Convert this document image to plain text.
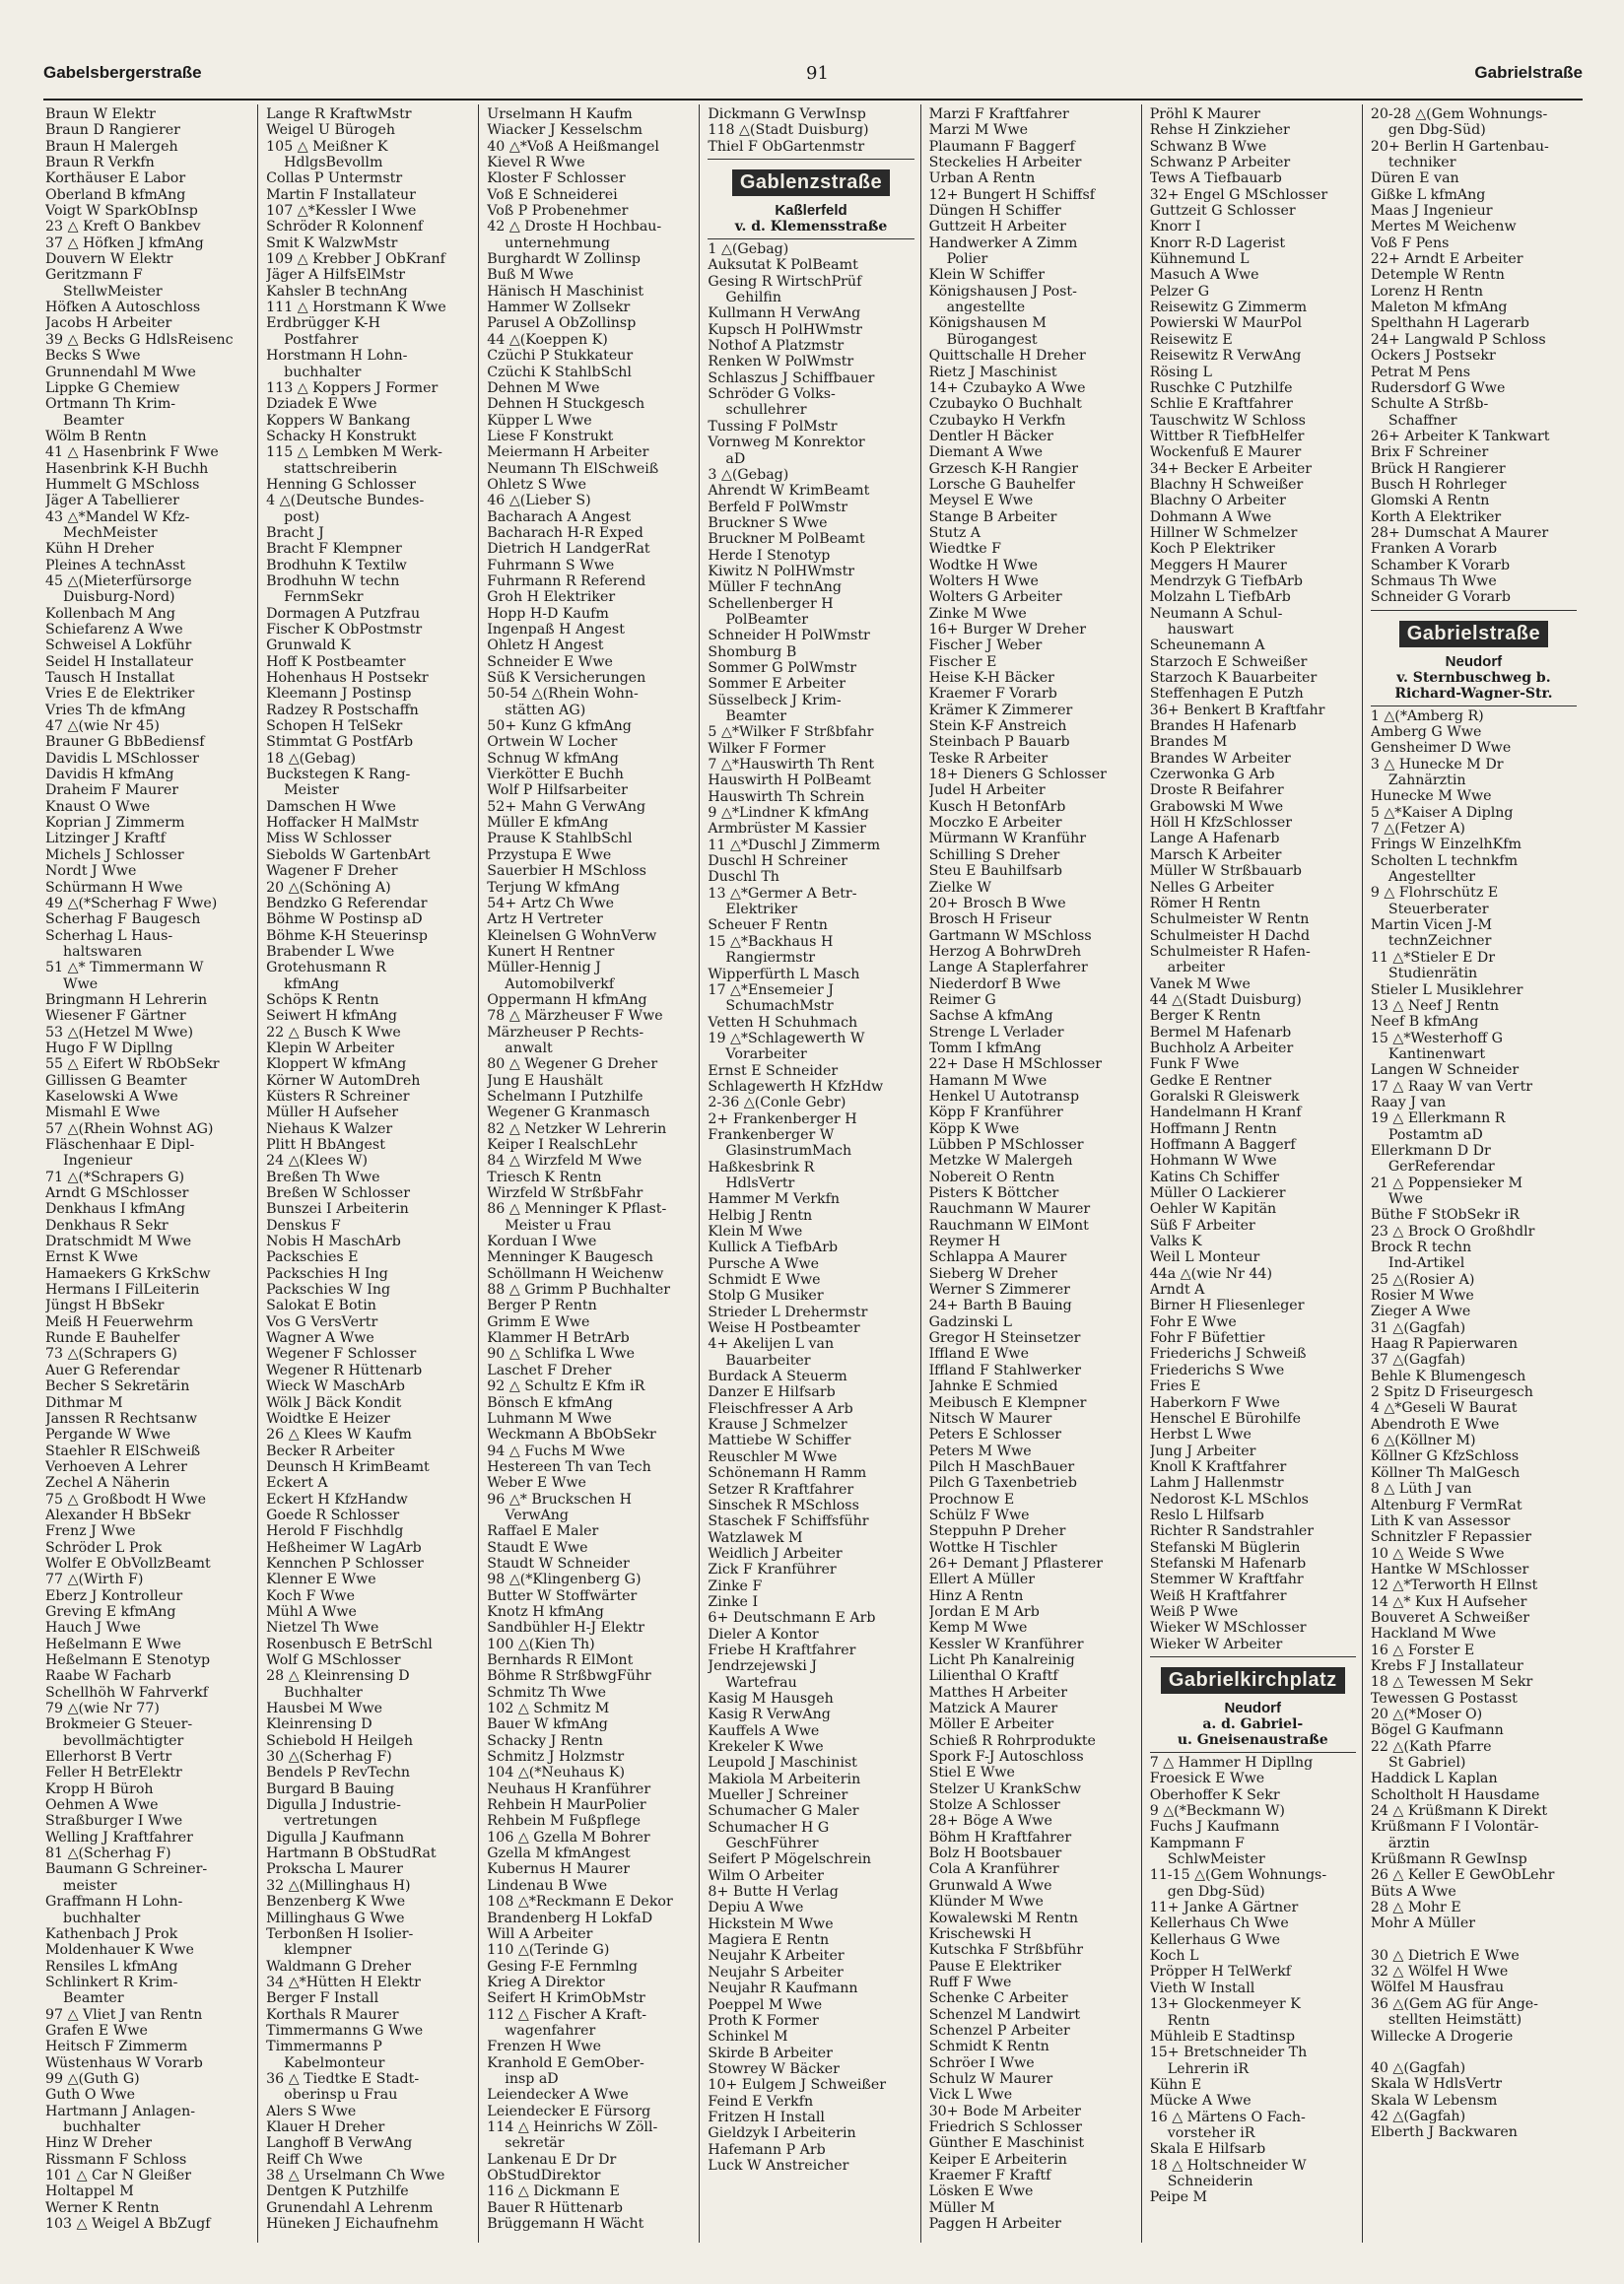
Gabelsbergerstraße	91	Gabrielstraße
Braun W Elektr
Braun D Rangierer
Braun H Malergeh
Braun R Verkfn
Korthäuser E Labor
Oberland B kfmAng
Voigt W SparkObInsp
23 △ Kreft O Bankbev
37 △ Höfken J kfmAng
Douvern W Elektr
Geritzmann F
StellwMeister
Höfken A Autoschloss
Jacobs H Arbeiter
39 △ Becks G HdlsReisenc
Becks S Wwe
Grunnendahl M Wwe
Lippke G Chemiew
Ortmann Th Krim-
Beamter
Wölm B Rentn
41 △ Hasenbrink F Wwe
Hasenbrink K-H Buchh
Hummelt G MSchloss
Jäger A Tabellierer
43 △*Mandel W Kfz-
MechMeister
Kühn H Dreher
Pleines A technAsst
45 △(Mieterfürsorge
Duisburg-Nord)
Kollenbach M Ang
Schiefarenz A Wwe
Schweisel A Lokführ
Seidel H Installateur
Tausch H Installat
Vries E de Elektriker
Vries Th de kfmAng
47 △(wie Nr 45)
Brauner G BbBediensf
Davidis L MSchlosser
Davidis H kfmAng
Draheim F Maurer
Knaust O Wwe
Koprian J Zimmerm
Litzinger J Kraftf
Michels J Schlosser
Nordt J Wwe
Schürmann H Wwe
49 △(*Scherhag F Wwe)
Scherhag F Baugesch
Scherhag L Haus-
haltswaren
51 △* Timmermann W
Wwe
Bringmann H Lehrerin
Wiesener F Gärtner
53 △(Hetzel M Wwe)
Hugo F W Dipllng
55 △ Eifert W RbObSekr
Gillissen G Beamter
Kaselowski A Wwe
Mismahl E Wwe
57 △(Rhein Wohnst AG)
Fläschenhaar E Dipl-
Ingenieur
71 △(*Schrapers G)
Arndt G MSchlosser
Denkhaus I kfmAng
Denkhaus R Sekr
Dratschmidt M Wwe
Ernst K Wwe
Hamaekers G KrkSchw
Hermans I FilLeiterin
Jüngst H BbSekr
Meiß H Feuerwehrm
Runde E Bauhelfer
73 △(Schrapers G)
Auer G Referendar
Becher S Sekretärin
Dithmar M
Janssen R Rechtsanw
Pergande W Wwe
Staehler R ElSchweiß
Verhoeven A Lehrer
Zechel A Näherin
75 △ Großbodt H Wwe
Alexander H BbSekr
Frenz J Wwe
Schröder L Prok
Wolfer E ObVollzBeamt
77 △(Wirth F)
Eberz J Kontrolleur
Greving E kfmAng
Hauch J Wwe
Heßelmann E Wwe
Heßelmann E Stenotyp
Raabe W Facharb
Schellhöh W Fahrverkf
79 △(wie Nr 77)
Brokmeier G Steuer-
bevollmächtigter
Ellerhorst B Vertr
Feller H BetrElektr
Kropp H Büroh
Oehmen A Wwe
Straßburger I Wwe
Welling J Kraftfahrer
81 △(Scherhag F)
Baumann G Schreiner-
meister
Graffmann H Lohn-
buchhalter
Kathenbach J Prok
Moldenhauer K Wwe
Rensiles L kfmAng
Schlinkert R Krim-
Beamter
97 △ Vliet J van Rentn
Grafen E Wwe
Heitsch F Zimmerm
Wüstenhaus W Vorarb
99 △(Guth G)
Guth O Wwe
Hartmann J Anlagen-
buchhalter
Hinz W Dreher
Rissmann F Schloss
101 △ Car N Gleißer
Holtappel M
Werner K Rentn
103 △ Weigel A BbZugf
Lange R KraftwMstr
Weigel U Bürogeh
105 △ Meißner K
HdlgsBevollm
Collas P Untermstr
Martin F Installateur
107 △*Kessler I Wwe
Schröder R Kolonnenf
Smit K WalzwMstr
109 △ Krebber J ObKranf
Jäger A HilfsElMstr
Kahsler B technAng
111 △ Horstmann K Wwe
Erdbrügger K-H
Postfahrer
Horstmann H Lohn-
buchhalter
113 △ Koppers J Former
Dziadek E Wwe
Koppers W Bankang
Schacky H Konstrukt
115 △ Lembken M Werk-
stattschreiberin
Henning G Schlosser
4 △(Deutsche Bundes-
post)
Bracht J
Bracht F Klempner
Brodhuhn K Textilw
Brodhuhn W techn
FernmSekr
Dormagen A Putzfrau
Fischer K ObPostmstr
Grunwald K
Hoff K Postbeamter
Hohenhaus H Postsekr
Kleemann J Postinsp
Radzey R Postschaffn
Schopen H TelSekr
Stimmtat G PostfArb
18 △(Gebag)
Buckstegen K Rang-
Meister
Damschen H Wwe
Hoffacker H MalMstr
Miss W Schlosser
Siebolds W GartenbArt
Wagener F Dreher
20 △(Schöning A)
Bendzko G Referendar
Böhme W Postinsp aD
Böhme K-H Steuerinsp
Brabender L Wwe
Grotehusmann R
kfmAng
Schöps K Rentn
Seiwert H kfmAng
22 △ Busch K Wwe
Klepin W Arbeiter
Kloppert W kfmAng
Körner W AutomDreh
Küsters R Schreiner
Müller H Aufseher
Niehaus K Walzer
Plitt H BbAngest
24 △(Klees W)
Breßen Th Wwe
Breßen W Schlosser
Bunszei I Arbeiterin
Denskus F
Nobis H MaschArb
Packschies E
Packschies H Ing
Packschies W Ing
Salokat E Botin
Vos G VersVertr
Wagner A Wwe
Wegener F Schlosser
Wegener R Hüttenarb
Wieck W MaschArb
Wölk J Bäck Kondit
Woidtke E Heizer
26 △ Klees W Kaufm
Becker R Arbeiter
Deunsch H KrimBeamt
Eckert A
Eckert H KfzHandw
Goede R Schlosser
Herold F Fischhdlg
Heßheimer W LagArb
Kennchen P Schlosser
Klenner E Wwe
Koch F Wwe
Mühl A Wwe
Nietzel Th Wwe
Rosenbusch E BetrSchl
Wolf G MSchlosser
28 △ Kleinrensing D
Buchhalter
Hausbei M Wwe
Kleinrensing D
Schiebold H Heilgeh
30 △(Scherhag F)
Bendels P RevTechn
Burgard B Bauing
Digulla J Industrie-
vertretungen
Digulla J Kaufmann
Hartmann B ObStudRat
Prokscha L Maurer
32 △(Millinghaus H)
Benzenberg K Wwe
Millinghaus G Wwe
Terbonßen H Isolier-
klempner
Waldmann G Dreher
34 △*Hütten H Elektr
Berger F Install
Korthals R Maurer
Timmermanns G Wwe
Timmermanns P
Kabelmonteur
36 △ Tiedtke E Stadt-
oberinsp u Frau
Alers S Wwe
Klauer H Dreher
Langhoff B VerwAng
Reiff Ch Wwe
38 △ Urselmann Ch Wwe
Dentgen K Putzhilfe
Grunendahl A Lehrenm
Hüneken J Eichaufnehm
Urselmann H Kaufm
Wiacker J Kesselschm
40 △*Voß A Heißmangel
Kievel R Wwe
Kloster F Schlosser
Voß E Schneiderei
Voß P Probenehmer
42 △ Droste H Hochbau-
unternehmung
Burghardt W Zollinsp
Buß M Wwe
Hänisch H Maschinist
Hammer W Zollsekr
Parusel A ObZollinsp
44 △(Koeppen K)
Czüchi P Stukkateur
Czüchi K StahlbSchl
Dehnen M Wwe
Dehnen H Stuckgesch
Küpper L Wwe
Liese F Konstrukt
Meiermann H Arbeiter
Neumann Th ElSchweiß
Ohletz S Wwe
46 △(Lieber S)
Bacharach A Angest
Bacharach H-R Exped
Dietrich H LandgerRat
Fuhrmann S Wwe
Fuhrmann R Referend
Groh H Elektriker
Hopp H-D Kaufm
Ingenpaß H Angest
Ohletz H Angest
Schneider E Wwe
Süß K Versicherungen
50-54 △(Rhein Wohn-
stätten AG)
50+ Kunz G kfmAng
Ortwein W Locher
Schnug W kfmAng
Vierkötter E Buchh
Wolf P Hilfsarbeiter
52+ Mahn G VerwAng
Müller E kfmAng
Prause K StahlbSchl
Przystupa E Wwe
Sauerbier H MSchloss
Terjung W kfmAng
54+ Artz Ch Wwe
Artz H Vertreter
Kleinelsen G WohnVerw
Kunert H Rentner
Müller-Hennig J
Automobilverkf
Oppermann H kfmAng
78 △ Märzheuser F Wwe
Märzheuser P Rechts-
anwalt
80 △ Wegener G Dreher
Jung E Haushält
Schelmann I Putzhilfe
Wegener G Kranmasch
82 △ Netzker W Lehrerin
Keiper I RealschLehr
84 △ Wirzfeld M Wwe
Triesch K Rentn
Wirzfeld W StrßbFahr
86 △ Menninger K Pflast-
Meister u Frau
Korduan I Wwe
Menninger K Baugesch
Schöllmann H Weichenw
88 △ Grimm P Buchhalter
Berger P Rentn
Grimm E Wwe
Klammer H BetrArb
90 △ Schlifka L Wwe
Laschet F Dreher
92 △ Schultz E Kfm iR
Bönsch E kfmAng
Luhmann M Wwe
Weckmann A BbObSekr
94 △ Fuchs M Wwe
Hestereen Th van Tech
Weber E Wwe
96 △* Bruckschen H
VerwAng
Raffael E Maler
Staudt E Wwe
Staudt W Schneider
98 △(*Klingenberg G)
Butter W Stoffwärter
Knotz H kfmAng
Sandbühler H-J Elektr
100 △(Kien Th)
Bernhards R ElMont
Böhme R StrßbwgFühr
Schmitz Th Wwe
102 △ Schmitz M
Bauer W kfmAng
Schacky J Rentn
Schmitz J Holzmstr
104 △(*Neuhaus K)
Neuhaus H Kranführer
Rehbein H MaurPolier
Rehbein M Fußpflege
106 △ Gzella M Bohrer
Gzella M kfmAngest
Kubernus H Maurer
Lindenau B Wwe
108 △*Reckmann E Dekor
Brandenberg H LokfaD
Will A Arbeiter
110 △(Terinde G)
Gesing F-E Fernmlng
Krieg A Direktor
Seifert H KrimObMstr
112 △ Fischer A Kraft-
wagenfahrer
Frenzen H Wwe
Kranhold E GemOber-
insp aD
Leiendecker A Wwe
Leiendecker E Fürsorg
114 △ Heinrichs W Zöll-
sekretär
Lankenau E Dr Dr
ObStudDirektor
116 △ Dickmann E
Bauer R Hüttenarb
Brüggemann H Wächt
Dickmann G VerwInsp
118 △(Stadt Duisburg)
Thiel F ObGartenmstr
Gablenzstraße
Kaßlerfeld
v. d. Klemensstraße
1 △(Gebag)
Auksutat K PolBeamt
Gesing R WirtschPrüf
Gehilfin
Kullmann H VerwAng
Kupsch H PolHWmstr
Nothof A Platzmstr
Renken W PolWmstr
Schlaszus J Schiffbauer
Schröder G Volks-
schullehrer
Tussing F PolMstr
Vornweg M Konrektor
aD
3 △(Gebag)
Ahrendt W KrimBeamt
Berfeld F PolWmstr
Bruckner S Wwe
Bruckner M PolBeamt
Herde I Stenotyp
Kiwitz N PolHWmstr
Müller F technAng
Schellenberger H
PolBeamter
Schneider H PolWmstr
Shomburg B
Sommer G PolWmstr
Sommer E Arbeiter
Süsselbeck J Krim-
Beamter
5 △*Wilker F Strßbfahr
Wilker F Former
7 △*Hauswirth Th Rent
Hauswirth H PolBeamt
Hauswirth Th Schrein
9 △*Lindner K kfmAng
Armbrüster M Kassier
11 △*Duschl J Zimmerm
Duschl H Schreiner
Duschl Th
13 △*Germer A Betr-
Elektriker
Scheuer F Rentn
15 △*Backhaus H
Rangiermstr
Wipperfürth L Masch
17 △*Ensemeier J
SchumachMstr
Vetten H Schuhmach
19 △*Schlagewerth W
Vorarbeiter
Ernst E Schneider
Schlagewerth H KfzHdw
2-36 △(Conle Gebr)
2+ Frankenberger H
Frankenberger W
GlasinstrumMach
Haßkesbrink R
HdlsVertr
Hammer M Verkfn
Helbig J Rentn
Klein M Wwe
Kullick A TiefbArb
Pursche A Wwe
Schmidt E Wwe
Stolp G Musiker
Strieder L Drehermstr
Weise H Postbeamter
4+ Akelijen L van
Bauarbeiter
Burdack A Steuerm
Danzer E Hilfsarb
Fleischfresser A Arb
Krause J Schmelzer
Mattiebe W Schiffer
Reuschler M Wwe
Schönemann H Ramm
Setzer R Kraftfahrer
Sinschek R MSchloss
Staschek F Schiffsführ
Watzlawek M
Weidlich J Arbeiter
Zick F Kranführer
Zinke F
Zinke I
6+ Deutschmann E Arb
Dieler A Kontor
Friebe H Kraftfahrer
Jendrzejewski J
Wartefrau
Kasig M Hausgeh
Kasig R VerwAng
Kauffels A Wwe
Krekeler K Wwe
Leupold J Maschinist
Makiola M Arbeiterin
Mueller J Schreiner
Schumacher G Maler
Schumacher H G
GeschFührer
Seifert P Mögelschrein
Wilm O Arbeiter
8+ Butte H Verlag
Depiu A Wwe
Hickstein M Wwe
Magiera E Rentn
Neujahr K Arbeiter
Neujahr S Arbeiter
Neujahr R Kaufmann
Poeppel M Wwe
Proth K Former
Schinkel M
Skirde B Arbeiter
Stowrey W Bäcker
10+ Eulgem J Schweißer
Feind E Verkfn
Fritzen H Install
Gieldzyk I Arbeiterin
Hafemann P Arb
Luck W Anstreicher
Marzi F Kraftfahrer
Marzi M Wwe
Plaumann F Baggerf
Steckelies H Arbeiter
Urban A Rentn
12+ Bungert H Schiffsf
Düngen H Schiffer
Guttzeit H Arbeiter
Handwerker A Zimm
Polier
Klein W Schiffer
Königshausen J Post-
angestellte
Königshausen M
Bürogangest
Quittschalle H Dreher
Rietz J Maschinist
14+ Czubayko A Wwe
Czubayko O Buchhalt
Czubayko H Verkfn
Dentler H Bäcker
Diemant A Wwe
Grzesch K-H Rangier
Lorsche G Bauhelfer
Meysel E Wwe
Stange B Arbeiter
Stutz A
Wiedtke F
Wodtke H Wwe
Wolters H Wwe
Wolters G Arbeiter
Zinke M Wwe
16+ Burger W Dreher
Fischer J Weber
Fischer E
Heise K-H Bäcker
Kraemer F Vorarb
Krämer K Zimmerer
Stein K-F Anstreich
Steinbach P Bauarb
Teske R Arbeiter
18+ Dieners G Schlosser
Judel H Arbeiter
Kusch H BetonfArb
Moczko E Arbeiter
Mürmann W Kranführ
Schilling S Dreher
Steu E Bauhilfsarb
Zielke W
20+ Brosch B Wwe
Brosch H Friseur
Gartmann W MSchloss
Herzog A BohrwDreh
Lange A Staplerfahrer
Niederdorf B Wwe
Reimer G
Sachse A kfmAng
Strenge L Verlader
Tomm I kfmAng
22+ Dase H MSchlosser
Hamann M Wwe
Henkel U Autotransp
Köpp F Kranführer
Köpp K Wwe
Lübben P MSchlosser
Metzke W Malergeh
Nobereit O Rentn
Pisters K Böttcher
Rauchmann W Maurer
Rauchmann W ElMont
Reymer H
Schlappa A Maurer
Sieberg W Dreher
Werner S Zimmerer
24+ Barth B Bauing
Gadzinski L
Gregor H Steinsetzer
Iffland E Wwe
Iffland F Stahlwerker
Jahnke E Schmied
Meibusch E Klempner
Nitsch W Maurer
Peters E Schlosser
Peters M Wwe
Pilch H MaschBauer
Pilch G Taxenbetrieb
Prochnow E
Schülz F Wwe
Steppuhn P Dreher
Wottke H Tischler
26+ Demant J Pflasterer
Ellert A Müller
Hinz A Rentn
Jordan E M Arb
Kemp M Wwe
Kessler W Kranführer
Licht Ph Kanalreinig
Lilienthal O Kraftf
Matthes H Arbeiter
Matzick A Maurer
Möller E Arbeiter
Schieß R Rohrprodukte
Spork F-J Autoschloss
Stiel E Wwe
Stelzer U KrankSchw
Stolze A Schlosser
28+ Böge A Wwe
Böhm H Kraftfahrer
Bolz H Bootsbauer
Cola A Kranführer
Grunwald A Wwe
Klünder M Wwe
Kowalewski M Rentn
Krischewski H
Kutschka F Strßbführ
Pause E Elektriker
Ruff F Wwe
Schenke C Arbeiter
Schenzel M Landwirt
Schenzel P Arbeiter
Schmidt K Rentn
Schröer I Wwe
Schulz W Maurer
Vick L Wwe
30+ Bode M Arbeiter
Friedrich S Schlosser
Günther E Maschinist
Keiper E Arbeiterin
Kraemer F Kraftf
Lösken E Wwe
Müller M
Paggen H Arbeiter
Pröhl K Maurer
Rehse H Zinkzieher
Schwanz B Wwe
Schwanz P Arbeiter
Tews A Tiefbauarb
32+ Engel G MSchlosser
Guttzeit G Schlosser
Knorr I
Knorr R-D Lagerist
Kühnemund L
Masuch A Wwe
Pelzer G
Reisewitz G Zimmerm
Powierski W MaurPol
Reisewitz E
Reisewitz R VerwAng
Rösing L
Ruschke C Putzhilfe
Schlie E Kraftfahrer
Tauschwitz W Schloss
Wittber R TiefbHelfer
Wockenfuß E Maurer
34+ Becker E Arbeiter
Blachny H Schweißer
Blachny O Arbeiter
Dohmann A Wwe
Hillner W Schmelzer
Koch P Elektriker
Meggers H Maurer
Mendrzyk G TiefbArb
Molzahn L TiefbArb
Neumann A Schul-
hauswart
Scheunemann A
Starzoch E Schweißer
Starzoch K Bauarbeiter
Steffenhagen E Putzh
36+ Benkert B Kraftfahr
Brandes H Hafenarb
Brandes M
Brandes W Arbeiter
Czerwonka G Arb
Droste R Beifahrer
Grabowski M Wwe
Höll H KfzSchlosser
Lange A Hafenarb
Marsch K Arbeiter
Müller W Strßbauarb
Nelles G Arbeiter
Römer H Rentn
Schulmeister W Rentn
Schulmeister H Dachd
Schulmeister R Hafen-
arbeiter
Vanek M Wwe
44 △(Stadt Duisburg)
Berger K Rentn
Bermel M Hafenarb
Buchholz A Arbeiter
Funk F Wwe
Gedke E Rentner
Goralski R Gleiswerk
Handelmann H Kranf
Hoffmann J Rentn
Hoffmann A Baggerf
Hohmann W Wwe
Katins Ch Schiffer
Müller O Lackierer
Oehler W Kapitän
Süß F Arbeiter
Valks K
Weil L Monteur
44a △(wie Nr 44)
Arndt A
Birner H Fliesenleger
Fohr E Wwe
Fohr F Büfettier
Friederichs J Schweiß
Friederichs S Wwe
Fries E
Haberkorn F Wwe
Henschel E Bürohilfe
Herbst L Wwe
Jung J Arbeiter
Knoll K Kraftfahrer
Lahm J Hallenmstr
Nedorost K-L MSchlos
Reslo L Hilfsarb
Richter R Sandstrahler
Stefanski M Büglerin
Stefanski M Hafenarb
Stemmer W Kraftfahr
Weiß H Kraftfahrer
Weiß P Wwe
Wieker W MSchlosser
Wieker W Arbeiter
Gabrielkirchplatz
Neudorf
a. d. Gabriel-
u. Gneisenaustraße
7 △ Hammer H Dipllng
Froesick E Wwe
Oberhoffer K Sekr
9 △(*Beckmann W)
Fuchs J Kaufmann
Kampmann F
SchlwMeister
11-15 △(Gem Wohnungs-
gen Dbg-Süd)
11+ Janke A Gärtner
Kellerhaus Ch Wwe
Kellerhaus G Wwe
Koch L
Pröpper H TelWerkf
Vieth W Install
13+ Glockenmeyer K
Rentn
Mühleib E Stadtinsp
15+ Bretschneider Th
Lehrerin iR
Kühn E
Mücke A Wwe
16 △ Märtens O Fach-
vorsteher iR
Skala E Hilfsarb
18 △ Holtschneider W
Schneiderin
Peipe M
20-28 △(Gem Wohnungs-
gen Dbg-Süd)
20+ Berlin H Gartenbau-
techniker
Düren E van
Gißke L kfmAng
Maas J Ingenieur
Mertes M Weichenw
Voß F Pens
22+ Arndt E Arbeiter
Detemple W Rentn
Lorenz H Rentn
Maleton M kfmAng
Spelthahn H Lagerarb
24+ Langwald P Schloss
Ockers J Postsekr
Petrat M Pens
Rudersdorf G Wwe
Schulte A Strßb-
Schaffner
26+ Arbeiter K Tankwart
Brix F Schreiner
Brück H Rangierer
Busch H Rohrleger
Glomski A Rentn
Korth A Elektriker
28+ Dumschat A Maurer
Franken A Vorarb
Schamber K Vorarb
Schmaus Th Wwe
Schneider G Vorarb
Gabrielstraße
Neudorf
v. Sternbuschweg b.
Richard-Wagner-Str.
1 △(*Amberg R)
Amberg G Wwe
Gensheimer D Wwe
3 △ Hunecke M Dr
Zahnärztin
Hunecke M Wwe
5 △*Kaiser A Diplng
7 △(Fetzer A)
Frings W EinzelhKfm
Scholten L technkfm
Angestellter
9 △ Flohrschütz E
Steuerberater
Martin Vicen J-M
technZeichner
11 △*Stieler E Dr
Studienrätin
Stieler L Musiklehrer
13 △ Neef J Rentn
Neef B kfmAng
15 △*Westerhoff G
Kantinenwart
Langen W Schneider
17 △ Raay W van Vertr
Raay J van
19 △ Ellerkmann R
Postamtm aD
Ellerkmann D Dr
GerReferendar
21 △ Poppensieker M
Wwe
Büthe F StObSekr iR
23 △ Brock O Großhdlr
Brock R techn
Ind-Artikel
25 △(Rosier A)
Rosier M Wwe
Zieger A Wwe
31 △(Gagfah)
Haag R Papierwaren
37 △(Gagfah)
Behle K Blumengesch
2 Spitz D Friseurgesch
4 △*Geseli W Baurat
Abendroth E Wwe
6 △(Köllner M)
Köllner G KfzSchloss
Köllner Th MalGesch
8 △ Lüth J van
Altenburg F VermRat
Lith K van Assessor
Schnitzler F Repassier
10 △ Weide S Wwe
Hantke W MSchlosser
12 △*Terworth H Ellnst
14 △* Kux H Aufseher
Bouveret A Schweißer
Hackland M Wwe
16 △ Forster E
Krebs F J Installateur
18 △ Tewessen M Sekr
Tewessen G Postasst
20 △(*Moser O)
Bögel G Kaufmann
22 △(Kath Pfarre
St Gabriel)
Haddick L Kaplan
Scholtholt H Hausdame
24 △ Krüßmann K Direkt
Krüßmann F I Volontär-
ärztin
Krüßmann R GewInsp
26 △ Keller E GewObLehr
Büts A Wwe
28 △ Mohr E
Mohr A Müller
30 △ Dietrich E Wwe
32 △ Wölfel H Wwe
Wölfel M Hausfrau
36 △(Gem AG für Ange-
stellten Heimstätt)
Willecke A Drogerie
40 △(Gagfah)
Skala W HdlsVertr
Skala W Lebensm
42 △(Gagfah)
Elberth J Backwaren
